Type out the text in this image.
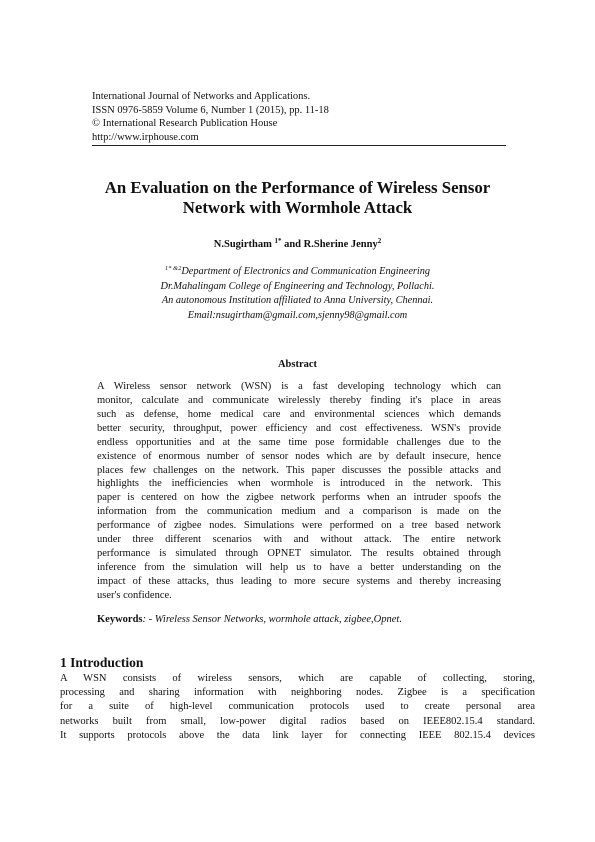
International Journal of Networks and Applications.
ISSN 0976-5859 Volume 6, Number 1 (2015), pp. 11-18
© International Research Publication House
http://www.irphouse.com
An Evaluation on the Performance of Wireless Sensor
Network with Wormhole Attack
N.Sugirtham $^{1*}$ and R.Sherine Jenny$^2$
$^{1* \&2}$Department of Electronics and Communication Engineering
Dr.Mahalingam College of Engineering and Technology, Pollachi.
An autonomous Institution affiliated to Anna University, Chennai.
Email:nsugirtham@gmail.com,sjenny98@gmail.com
Abstract
A Wireless sensor network (WSN) is a fast developing technology which can
monitor, calculate and communicate wirelessly thereby finding it's place in areas
such as defense, home medical care and environmental sciences which demands
better security, throughput, power efficiency and cost effectiveness. WSN's provide
endless opportunities and at the same time pose formidable challenges due to the
existence of enormous number of sensor nodes which are by default insecure, hence
places few challenges on the network. This paper discusses the possible attacks and
highlights the inefficiencies when wormhole is introduced in the network. This
paper is centered on how the zigbee network performs when an intruder spoofs the
information from the communication medium and a comparison is made on the
performance of zigbee nodes. Simulations were performed on a tree based network
under three different scenarios with and without attack. The entire network
performance is simulated through OPNET simulator. The results obtained through
inference from the simulation will help us to have a better understanding on the
impact of these attacks, thus leading to more secure systems and thereby increasing
user's confidence.
Keywords: - Wireless Sensor Networks, wormhole attack, zigbee,Opnet.
1 Introduction
A WSN consists of wireless sensors, which are capable of collecting, storing,
processing and sharing information with neighboring nodes. Zigbee is a specification
for a suite of high-level communication protocols used to create personal area
networks built from small, low-power digital radios based on IEEE802.15.4 standard.
It supports protocols above the data link layer for connecting IEEE 802.15.4 devices
